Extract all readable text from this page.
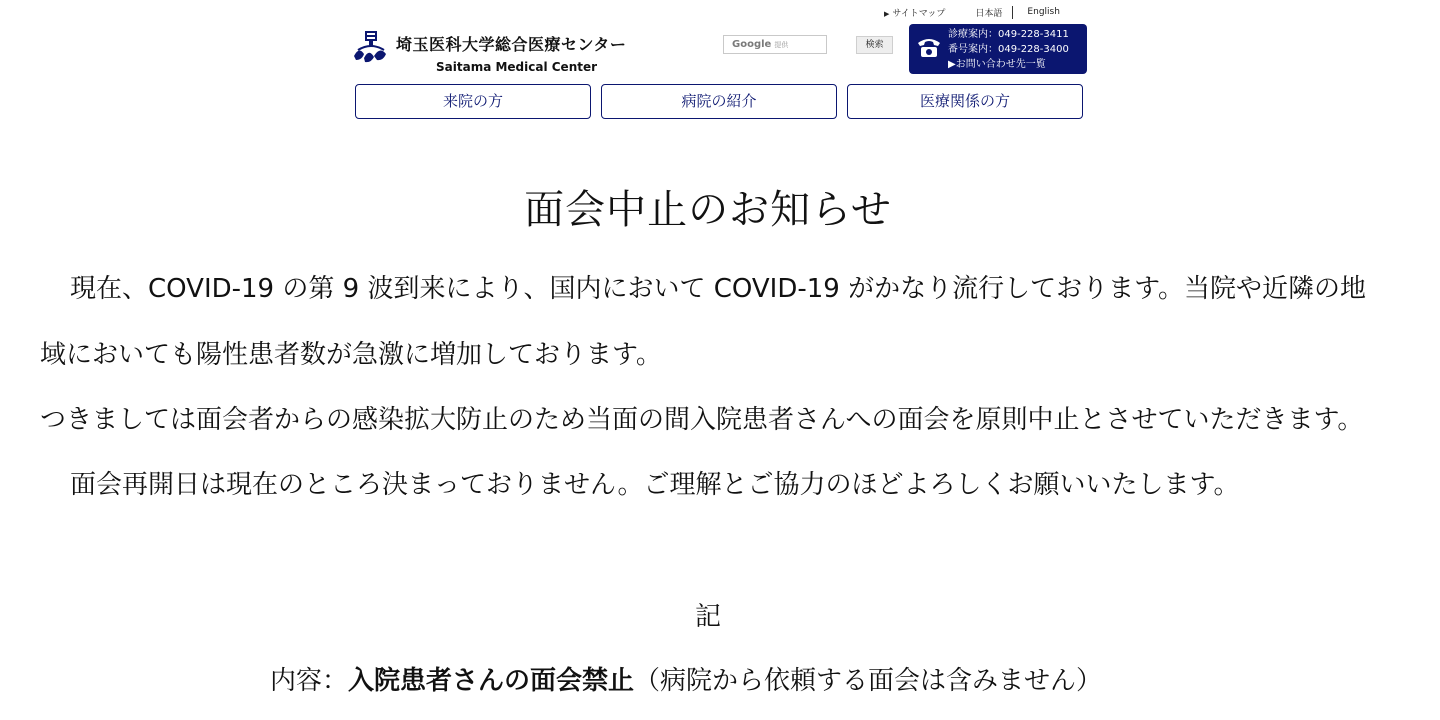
▶ サイトマップ	日本語	English
埼玉医科大学総合医療センター
Saitama Medical Center
Google 提供	検索
診療案内：049-228-3411
番号案内：049-228-3400
▶お問い合わせ先一覧
来院の方	病院の紹介	医療関係の方
面会中止のお知らせ
現在、COVID-19 の第 9 波到来により、国内において COVID-19 がかなり流行しております。当院や近隣の地
域においても陽性患者数が急激に増加しております。
つきましては面会者からの感染拡大防止のため当面の間入院患者さんへの面会を原則中止とさせていただきます。
面会再開日は現在のところ決まっておりません。ご理解とご協力のほどよろしくお願いいたします。
記
内容：入院患者さんの面会禁止（病院から依頼する面会は含みません）
